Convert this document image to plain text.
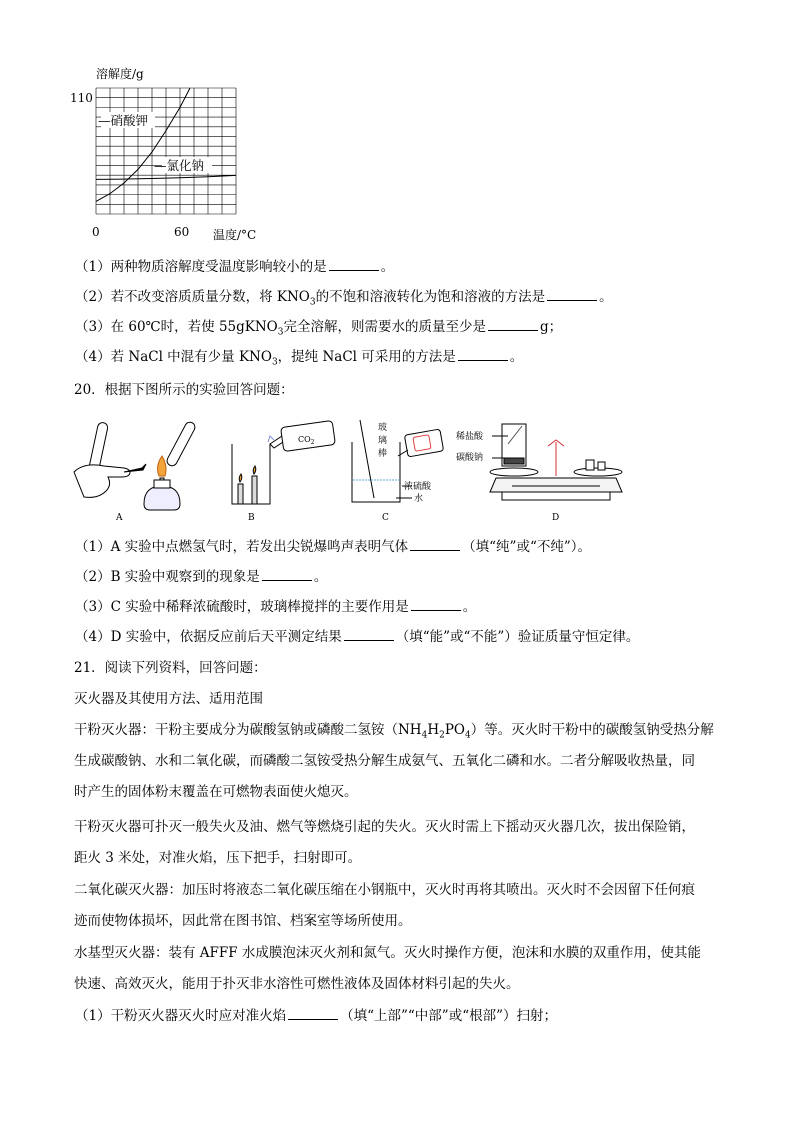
溶解度/g
110
—硝酸钾
—氯化钠
0	60 温度/°C
（1）两种物质溶解度受温度影响较小的是	。
（2）若不改变溶质质量分数，将 $KNO_3$的不饱和溶液转化为饱和溶液的方法是	。
（3）在 60℃时，若使 55gKNO$_3$完全溶解，则需要水的质量至少是	g；
（4）若 NaCl 中混有少量 $KNO_3$，提纯 NaCl 可采用的方法是	。
20．根据下图所示的实验回答问题：
A
$CO_2$
B
玻
璃
棒
浓硫酸
水
C
稀盐酸
碳酸钠
D
（1）A 实验中点燃氢气时，若发出尖锐爆鸣声表明气体	（填“纯”或“不纯”）。
（2）B 实验中观察到的现象是	。
（3）C 实验中稀释浓硫酸时，玻璃棒搅拌的主要作用是	。
（4）D 实验中，依据反应前后天平测定结果	（填“能”或“不能”）验证质量守恒定律。
21．阅读下列资料，回答问题：
灭火器及其使用方法、适用范围
干粉灭火器：干粉主要成分为碳酸氢钠或磷酸二氢铵$(NH_4H_2PO_4)$等。灭火时干粉中的碳酸氢钠受热分解
生成碳酸钠、水和二氧化碳，而磷酸二氢铵受热分解生成氨气、五氧化二磷和水。二者分解吸收热量，同
时产生的固体粉末覆盖在可燃物表面使火熄灭。
干粉灭火器可扑灭一般失火及油、燃气等燃烧引起的失火。灭火时需上下摇动灭火器几次，拔出保险销，
距火 3 米处，对准火焰，压下把手，扫射即可。
二氧化碳灭火器：加压时将液态二氧化碳压缩在小钢瓶中，灭火时再将其喷出。灭火时不会因留下任何痕
迹而使物体损坏，因此常在图书馆、档案室等场所使用。
水基型灭火器：装有 AFFF 水成膜泡沫灭火剂和氮气。灭火时操作方便，泡沫和水膜的双重作用，使其能
快速、高效灭火，能用于扑灭非水溶性可燃性液体及固体材料引起的失火。
（1）干粉灭火器灭火时应对准火焰	（填“上部”“中部”或“根部”）扫射；
